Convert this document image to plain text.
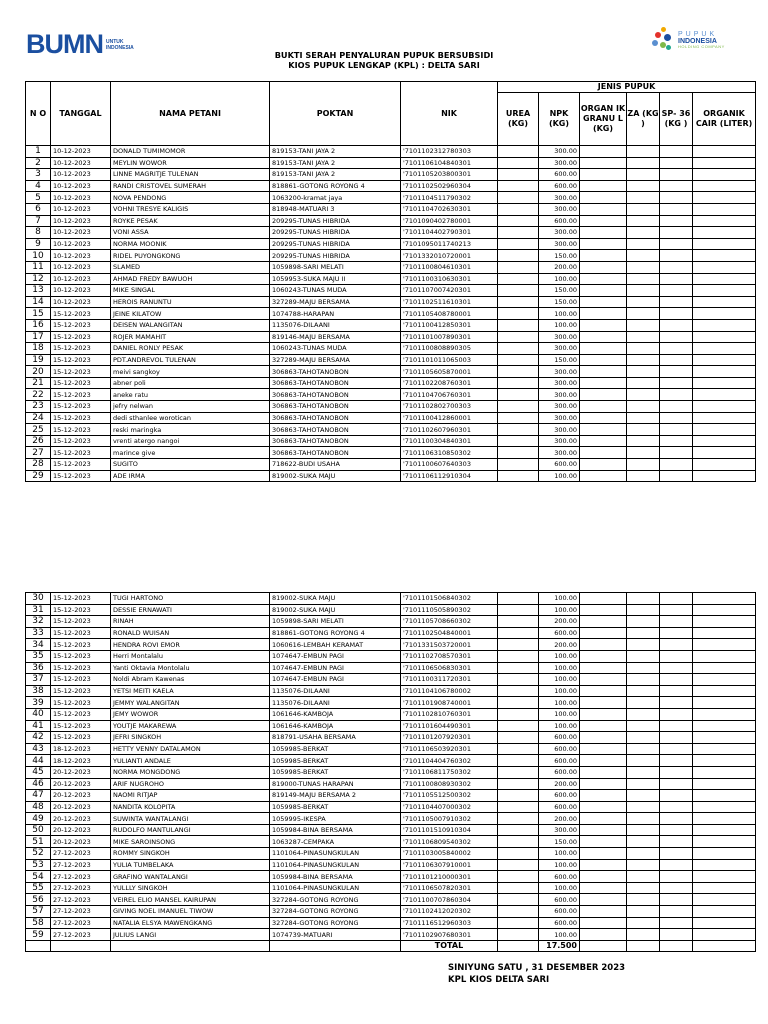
BUMN UNTUK
INDONESIA
PUPUK
INDONESIA
HOLDING COMPANY
BUKTI SERAH PENYALURAN PUPUK BERSUBSIDI
KIOS PUPUK LENGKAP (KPL) : DELTA SARI
N O	TANGGAL	NAMA PETANI	POKTAN	NIK	JENIS PUPUK					
					UREA (KG)	NPK (KG)	ORGAN IK GRANU L (KG)	ZA (KG )	SP- 36 (KG )	ORGANIK CAIR (LITER)
1	10-12-2023	DONALD TUMIMOMOR	819153-TANI JAYA 2	'7101102312780303		300.00				
2	10-12-2023	MEYLIN WOWOR	819153-TANI JAYA 2	'7101106104840301		300.00				
3	10-12-2023	LINNE MAGRITJE TULENAN	819153-TANI JAYA 2	'7101105203800301		600.00				
4	10-12-2023	RANDI CRISTOVEL SUMERAH	818861-GOTONG ROYONG 4	'7101102502960304		600.00				
5	10-12-2023	NOVA PENDONG	1063200-kramat jaya	'7101104511790302		300.00				
6	10-12-2023	VOHNI TRESYE KALIGIS	818948-MATUARI 3	'7101104702630301		300.00				
7	10-12-2023	ROYKE PESAK	209295-TUNAS HIBRIDA	'7101090402780001		600.00				
8	10-12-2023	VONI ASSA	209295-TUNAS HIBRIDA	'7101104402790301		300.00				
9	10-12-2023	NORMA MOONIK	209295-TUNAS HIBRIDA	'7101095011740213		300.00				
10	10-12-2023	RIDEL PUYONGKONG	209295-TUNAS HIBRIDA	'7101332010720001		150.00				
11	10-12-2023	SLAMED	1059898-SARI MELATI	'7101100804610301		200.00				
12	10-12-2023	AHMAD FREDY BAWUOH	1059953-SUKA MAJU II	'7101100310630301		100.00				
13	10-12-2023	MIKE SINGAL	1060243-TUNAS MUDA	'7101107007420301		150.00				
14	10-12-2023	HEROIS RANUNTU	327289-MAJU BERSAMA	'7101102511610301		150.00				
15	15-12-2023	JEINE KILATOW	1074788-HARAPAN	'7101105408780001		100.00				
16	15-12-2023	DEISEN WALANGITAN	1135076-DILAANI	'7101100412850301		100.00				
17	15-12-2023	ROJER MAMAHIT	819146-MAJU BERSAMA	'7101101007890301		300.00				
18	15-12-2023	DANIEL RONLY PESAK	1060243-TUNAS MUDA	'7101100808890305		300.00				
19	15-12-2023	PDT.ANDREVOL TULENAN	327289-MAJU BERSAMA	'7101101011065003		150.00				
20	15-12-2023	meivi sangkoy	306863-TAHOTANOBON	'7101105605870001		300.00				
21	15-12-2023	abner poli	306863-TAHOTANOBON	'7101102208760301		300.00				
22	15-12-2023	aneke ratu	306863-TAHOTANOBON	'7101104706760301		300.00				
23	15-12-2023	jefry nelwan	306863-TAHOTANOBON	'7101102802700303		300.00				
24	15-12-2023	dedi sthanlee worotican	306863-TAHOTANOBON	'7101100412860001		300.00				
25	15-12-2023	reski maringka	306863-TAHOTANOBON	'7101102607960301		300.00				
26	15-12-2023	vrenti atergo nangoi	306863-TAHOTANOBON	'7101100304840301		300.00				
27	15-12-2023	marince give	306863-TAHOTANOBON	'7101106310850302		300.00				
28	15-12-2023	SUGITO	718622-BUDI USAHA	'7101100607640303		600.00				
29	15-12-2023	ADE IRMA	819002-SUKA MAJU	'7101106112910304		100.00				
30	15-12-2023	TUGI HARTONO	819002-SUKA MAJU	'7101101506840302		100.00				
31	15-12-2023	DESSIE ERNAWATI	819002-SUKA MAJU	'7101110505890302		100.00				
32	15-12-2023	RINAH	1059898-SARI MELATI	'7101105708660302		200.00				
33	15-12-2023	RONALD WUISAN	818861-GOTONG ROYONG 4	'7101102504840001		600.00				
34	15-12-2023	HENDRA ROVI EMOR	1060616-LEMBAH KERAMAT	'7101331503720001		200.00				
35	15-12-2023	Herri Montalalu	1074647-EMBUN PAGI	'7101102708570301		100.00				
36	15-12-2023	Yanti Oktavia Montolalu	1074647-EMBUN PAGI	'7101106506830301		100.00				
37	15-12-2023	Noldi Abram Kawenas	1074647-EMBUN PAGI	'7101100311720301		100.00				
38	15-12-2023	YETSI MEITI KAELA	1135076-DILAANI	'7101104106780002		100.00				
39	15-12-2023	JEMMY WALANGITAN	1135076-DILAANI	'7101101908740001		100.00				
40	15-12-2023	JEMY WOWOR	1061646-KAMBOJA	'7101102810760301		100.00				
41	15-12-2023	YOUTJE MAKAREWA	1061646-KAMBOJA	'7101101604490301		100.00				
42	15-12-2023	JEFRI SINGKOH	818791-USAHA BERSAMA	'7101101207920301		600.00				
43	18-12-2023	HETTY VENNY DATALAMON	1059985-BERKAT	'7101106503920301		600.00				
44	18-12-2023	YULIANTI ANDALE	1059985-BERKAT	'7101104404760302		600.00				
45	20-12-2023	NORMA MONGDONG	1059985-BERKAT	'7101106811750302		600.00				
46	20-12-2023	ARIF NUGROHO	819000-TUNAS HARAPAN	'7101100808930302		200.00				
47	20-12-2023	NAOMI RITJAP	819149-MAJU BERSAMA 2	'7101105512500302		600.00				
48	20-12-2023	NANDITA KOLOPITA	1059985-BERKAT	'7101104407000302		600.00				
49	20-12-2023	SUWINTA WANTALANGI	1059995-IKESPA	'7101105007910302		200.00				
50	20-12-2023	RUDOLFO MANTULANGI	1059984-BINA BERSAMA	'7101101510910304		300.00				
51	20-12-2023	MIKE SAROINSONG	1063287-CEMPAKA	'7101106809540302		150.00				
52	27-12-2023	ROMMY SINGKOH	1101064-PINASUNGKULAN	'7101103005840002		100.00				
53	27-12-2023	YULIA TUMBELAKA	1101064-PINASUNGKULAN	'7101106307910001		100.00				
54	27-12-2023	GRAFINO WANTALANGI	1059984-BINA BERSAMA	'7101101210000301		600.00				
55	27-12-2023	YULLLY SINGKOH	1101064-PINASUNGKULAN	'7101106507820301		100.00				
56	27-12-2023	VEIREL ELIO MANSEL KAIRUPAN	327284-GOTONG ROYONG	'7101100707860304		600.00				
57	27-12-2023	GIVING NOEL IMANUEL TIWOW	327284-GOTONG ROYONG	'7101102412020302		600.00				
58	27-12-2023	NATALIA ELSYA MAWENGKANG	327284-GOTONG ROYONG	'7101116512960303		600.00				
59	27-12-2023	JULIUS LANGI	1074739-MATUARI	'7101102907680301		100.00				
				TOTAL		17.500				
SINIYUNG SATU , 31 DESEMBER 2023
KPL KIOS DELTA SARI
